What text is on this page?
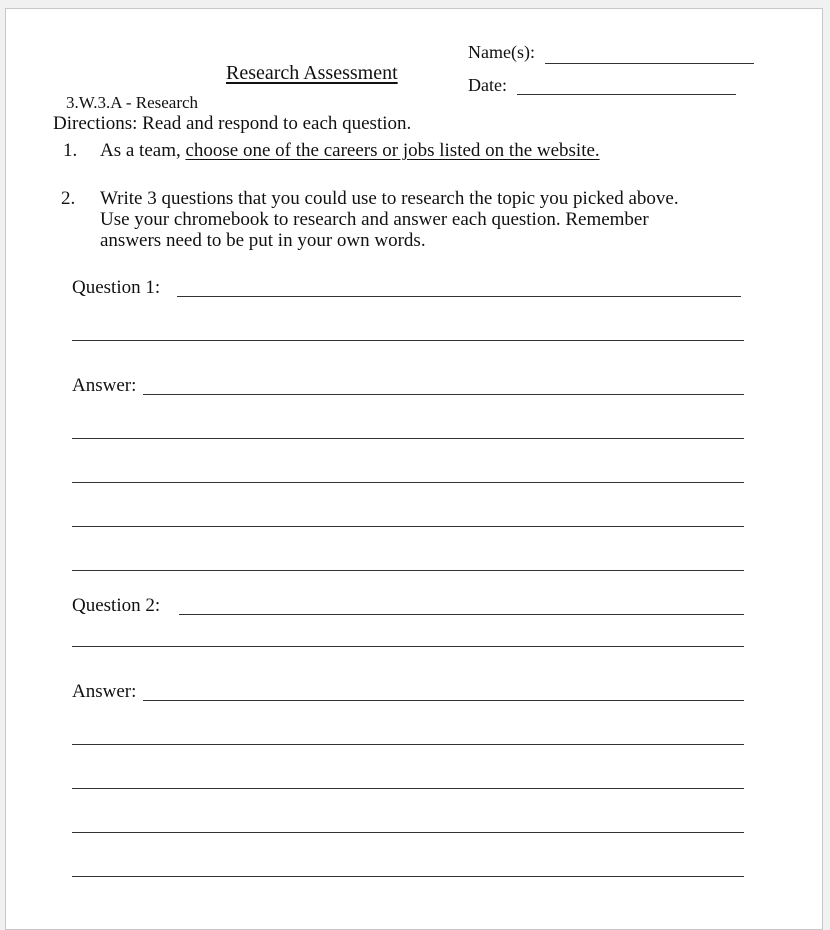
Research Assessment
Name(s):
Date:
3.W.3.A - Research
Directions: Read and respond to each question.
1. As a team, choose one of the careers or jobs listed on the website.
2. Write 3 questions that you could use to research the topic you picked above.
Use your chromebook to research and answer each question. Remember
answers need to be put in your own words.
Question 1:
Answer:
Question 2:
Answer:
